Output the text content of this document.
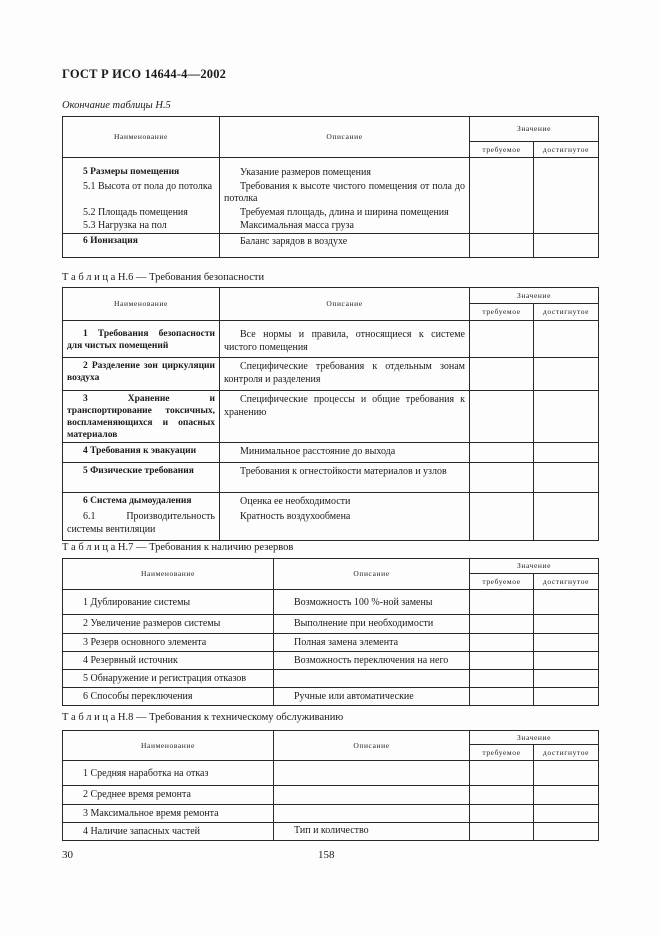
ГОСТ Р ИСО 14644-4—2002
Окончание таблицы Н.5
Наименование	Описание	Значение	
		требуемое	достигнутое
5 Размеры помещения	Указание размеров помещения		
5.1 Высота от пола до потолка	Требования к высоте чистого помещения от пола до потолка		
5.2 Площадь помещения	Требуемая площадь, длина и ширина помещения		
5.3 Нагрузка на пол	Максимальная масса груза		
6 Ионизация	Баланс зарядов в воздухе		
Т а б л и ц а Н.6 — Требования безопасности
Наименование	Описание	Значение	
		требуемое	достигнутое
1 Требования безопасности для чистых помещений	Все нормы и правила, относящиеся к системе чистого помещения		
2 Разделение зон циркуляции воздуха	Специфические требования к отдельным зонам контроля и разделения		
3 Хранение и транспортирование токсичных, воспламеняющихся и опасных материалов	Специфические процессы и общие требования к хранению		
4 Требования к эвакуации	Минимальное расстояние до выхода		
5 Физические требования	Требования к огнестойкости материалов и узлов		
6 Система дымоудаления	Оценка ее необходимости		
6.1 Производительность системы вентиляции	Кратность воздухообмена		
Т а б л и ц а Н.7 — Требования к наличию резервов
Наименование	Описание	Значение	
		требуемое	достигнутое
1 Дублирование системы	Возможность 100 %-ной замены		
2 Увеличение размеров системы	Выполнение при необходимости		
3 Резерв основного элемента	Полная замена элемента		
4 Резервный источник	Возможность переключения на него		
5 Обнаружение и регистрация отказов			
6 Способы переключения	Ручные или автоматические		
Т а б л и ц а Н.8 — Требования к техническому обслуживанию
Наименование	Описание	Значение	
		требуемое	достигнутое
1 Средняя наработка на отказ			
2 Среднее время ремонта			
3 Максимальное время ремонта			
4 Наличие запасных частей	Тип и количество		
30	158
